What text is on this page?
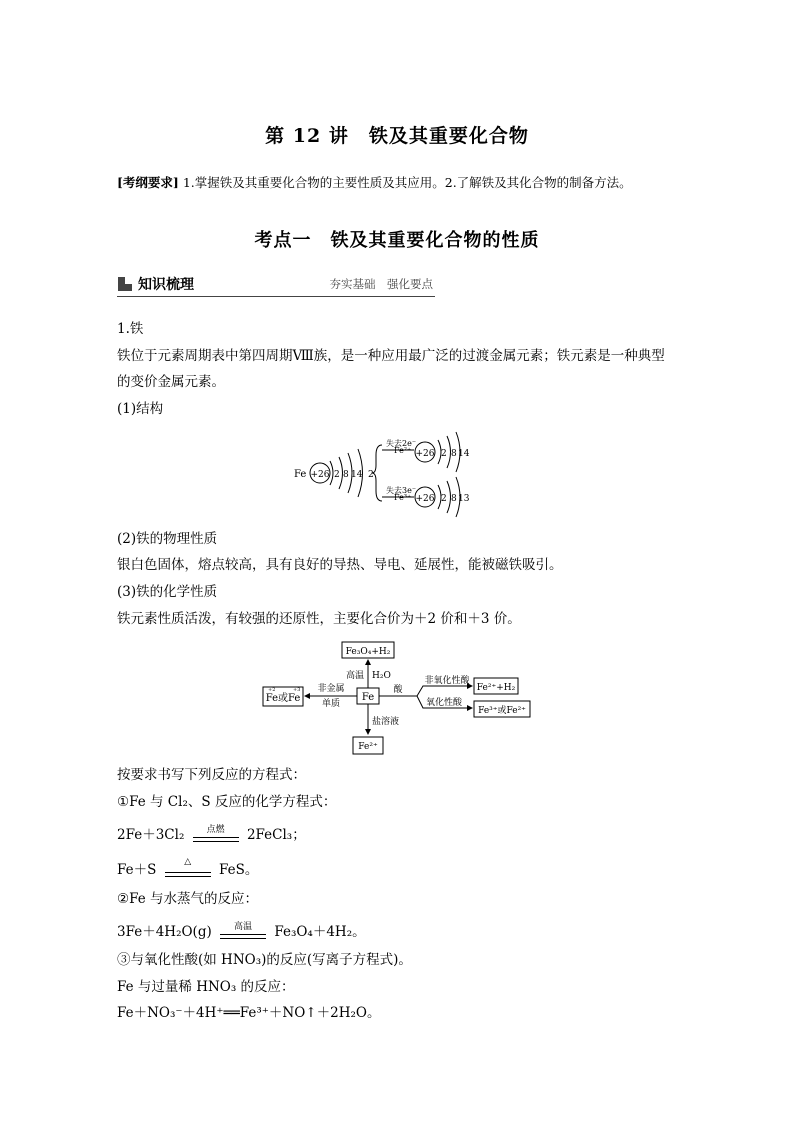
第 12 讲　铁及其重要化合物
[考纲要求] 1.掌握铁及其重要化合物的主要性质及其应用。2.了解铁及其化合物的制备方法。
考点一　铁及其重要化合物的性质
知识梳理	夯实基础　强化要点
1.铁
铁位于元素周期表中第四周期Ⅷ族，是一种应用最广泛的过渡金属元素；铁元素是一种典型
的变价金属元素。
(1)结构
Fe +26 2 8 14 2
失去2e⁻
Fe²⁺ +26 2 8 14
失去3e⁻
Fe³⁺ +26 2 8 13
(2)铁的物理性质
银白色固体，熔点较高，具有良好的导热、导电、延展性，能被磁铁吸引。
(3)铁的化学性质
铁元素性质活泼，有较强的还原性，主要化合价为＋2 价和＋3 价。
Fe
Fe₃O₄+H₂
高温 H₂O
Fe或Fe
+2	+3 非金属
单质
酸
非氧化性酸
氧化性酸
Fe²⁺+H₂
Fe³⁺或Fe²⁺
盐溶液
Fe²⁺
按要求书写下列反应的方程式：
①Fe 与 Cl₂、S 反应的化学方程式：
2Fe＋3Cl₂	点燃	2FeCl₃；
Fe＋S
△
FeS。
②Fe 与水蒸气的反应：
3Fe＋4H₂O(g)	高温	Fe₃O₄＋4H₂。
③与氧化性酸(如 HNO₃)的反应(写离子方程式)。
Fe 与过量稀 HNO₃ 的反应：
Fe＋NO₃⁻＋4H⁺══Fe³⁺＋NO↑＋2H₂O。
